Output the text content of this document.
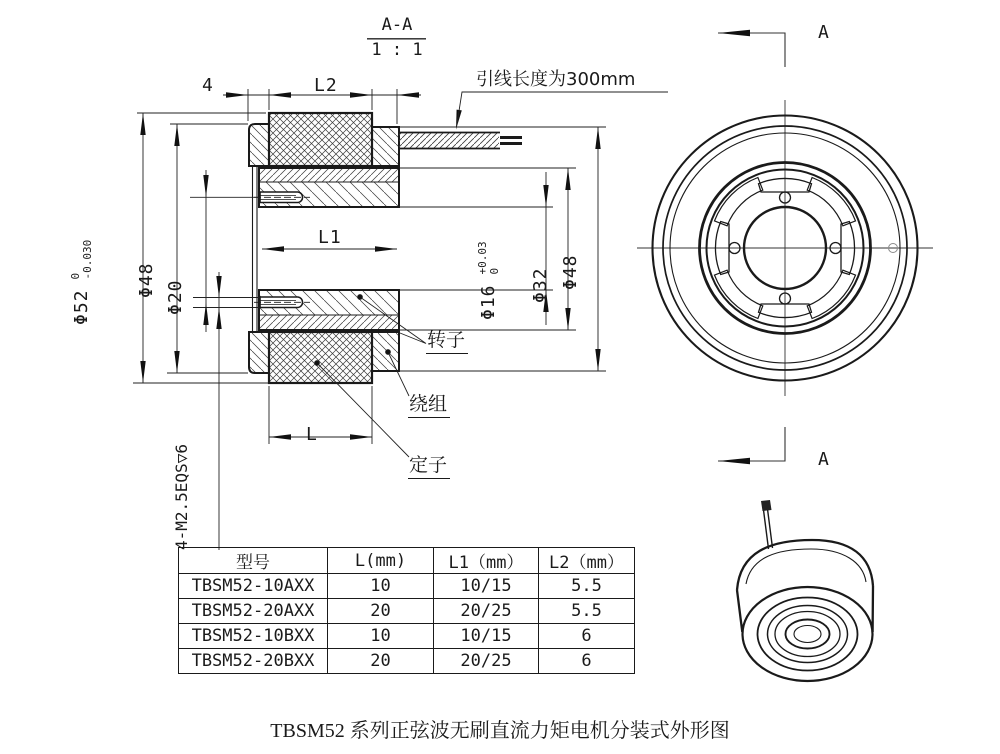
A-A
1 : 1
引线长度为300mm
4	L2
L1
L
Φ52
0 -0.030
Φ48 Φ20	Φ16
+0.03 0 Φ32 Φ48
4-M2.5EQS▽6
转子
绕组
定子
A
A
型号	L(mm)	L1（mm）	L2（mm）
TBSM52-10AXX	10	10/15	5.5
TBSM52-20AXX	20	20/25	5.5
TBSM52-10BXX	10	10/15	6
TBSM52-20BXX	20	20/25	6
TBSM52 系列正弦波无刷直流力矩电机分装式外形图
